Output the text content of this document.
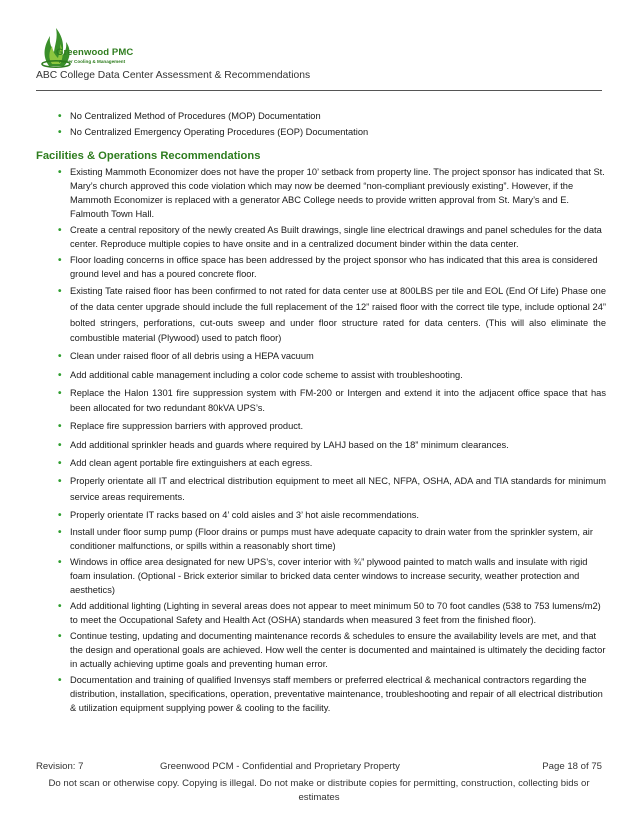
Greenwood PMC
Power Cooling & Management
ABC College Data Center Assessment & Recommendations
• No Centralized Method of Procedures (MOP) Documentation
• No Centralized Emergency Operating Procedures (EOP) Documentation
Facilities & Operations Recommendations
• Existing Mammoth Economizer does not have the proper 10’ setback from property line. The project sponsor has indicated that St. Mary’s church approved this code violation which may now be deemed “non-compliant previously existing”. However, if the Mammoth Economizer is replaced with a generator ABC College needs to provide written approval from St. Mary’s and E. Falmouth Town Hall.
• Create a central repository of the newly created As Built drawings, single line electrical drawings and panel schedules for the data center. Reproduce multiple copies to have onsite and in a centralized document binder within the data center.
• Floor loading concerns in office space has been addressed by the project sponsor who has indicated that this area is considered ground level and has a poured concrete floor.
• Existing Tate raised floor has been confirmed to not rated for data center use at 800LBS per tile and EOL (End Of Life) Phase one of the data center upgrade should include the full replacement of the 12” raised floor with the correct tile type, include optional 24” bolted stringers, perforations, cut-outs sweep and under floor structure rated for data centers. (This will also eliminate the combustible material (Plywood) used to patch floor)
• Clean under raised floor of all debris using a HEPA vacuum
• Add additional cable management including a color code scheme to assist with troubleshooting.
• Replace the Halon 1301 fire suppression system with FM-200 or Intergen and extend it into the adjacent office space that has been allocated for two redundant 80kVA UPS’s.
• Replace fire suppression barriers with approved product.
• Add additional sprinkler heads and guards where required by LAHJ based on the 18” minimum clearances.
• Add clean agent portable fire extinguishers at each egress.
• Properly orientate all IT and electrical distribution equipment to meet all NEC, NFPA, OSHA, ADA and TIA standards for minimum service areas requirements.
• Properly orientate IT racks based on 4’ cold aisles and 3’ hot aisle recommendations.
• Install under floor sump pump (Floor drains or pumps must have adequate capacity to drain water from the sprinkler system, air conditioner malfunctions, or spills within a reasonably short time)
• Windows in office area designated for new UPS’s, cover interior with ¾” plywood painted to match walls and insulate with rigid foam insulation. (Optional - Brick exterior similar to bricked data center windows to increase security, weather protection and aesthetics)
• Add additional lighting (Lighting in several areas does not appear to meet minimum 50 to 70 foot candles (538 to 753 lumens/m2) to meet the Occupational Safety and Health Act (OSHA) standards when measured 3 feet from the finished floor).
• Continue testing, updating and documenting maintenance records & schedules to ensure the availability levels are met, and that the design and operational goals are achieved. How well the center is documented and maintained is ultimately the deciding factor in actually achieving uptime goals and preventing human error.
• Documentation and training of qualified Invensys staff members or preferred electrical & mechanical contractors regarding the distribution, installation, specifications, operation, preventative maintenance, troubleshooting and repair of all electrical distribution & utilization equipment supplying power & cooling to the facility.
Revision: 7	Greenwood PCM - Confidential and Proprietary Property	Page 18 of 75
Do not scan or otherwise copy. Copying is illegal. Do not make or distribute copies for permitting, construction, collecting bids or estimates
